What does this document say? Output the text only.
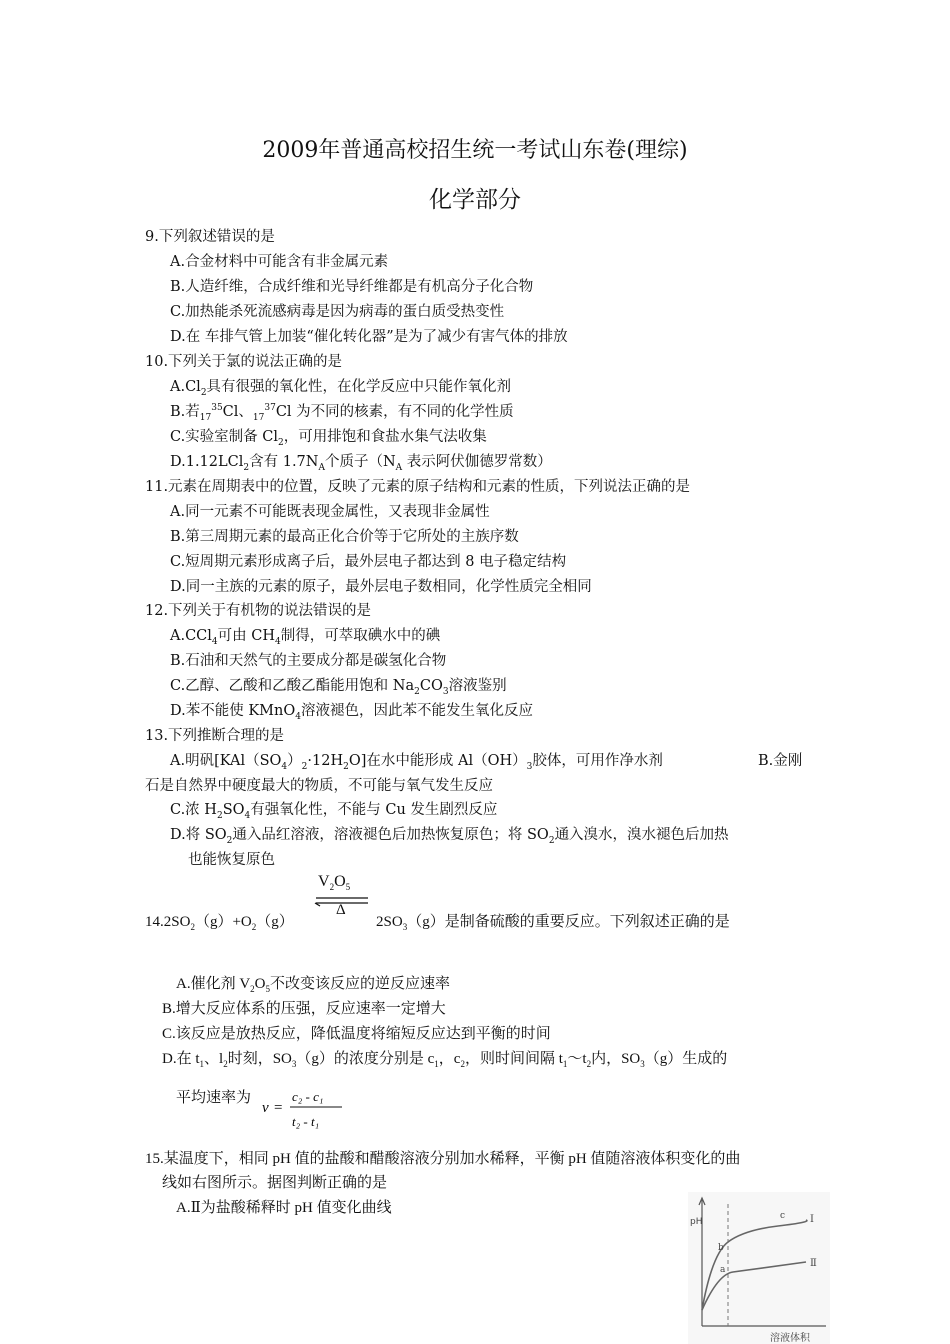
2009年普通高校招生统一考试山东卷(理综)
化学部分
9.下列叙述错误的是
A.合金材料中可能含有非金属元素
B.人造纤维，合成纤维和光导纤维都是有机高分子化合物
C.加热能杀死流感病毒是因为病毒的蛋白质受热变性
D.在 车排气管上加装“催化转化器”是为了减少有害气体的排放
10.下列关于氯的说法正确的是
$A.Cl_2$具有很强的氧化性，在化学反应中只能作氧化剂
B.若$_{17}^{35}$Cl、$_{17}^{37}$Cl 为不同的核素，有不同的化学性质
C.实验室制备 $Cl_2$，可用排饱和食盐水集气法收集
D.1.12LCl$_2$含有 $1.7N_A$个质子（$N_A$ 表示阿伏伽德罗常数）
11.元素在周期表中的位置，反映了元素的原子结构和元素的性质，下列说法正确的是
A.同一元素不可能既表现金属性，又表现非金属性
B.第三周期元素的最高正化合价等于它所处的主族序数
C.短周期元素形成离子后，最外层电子都达到 8 电子稳定结构
D.同一主族的元素的原子，最外层电子数相同，化学性质完全相同
12.下列关于有机物的说法错误的是
A.CCl$_4$可由 $CH_4$制得，可萃取碘水中的碘
B.石油和天然气的主要成分都是碳氢化合物
C.乙醇、乙酸和乙酸乙酯能用饱和 $Na_2CO_3$溶液鉴别
D.苯不能使 KMnO$_4$溶液褪色，因此苯不能发生氧化反应
13.下列推断合理的是
A.明矾$[KAl(SO_4)_2\cdot 12H_2O]$在水中能形成 $Al(OH)_3$胶体，可用作净水剂	B.金刚
石是自然界中硬度最大的物质，不可能与氧气发生反应
C.浓 $H_2SO_4$有强氧化性，不能与 Cu 发生剧烈反应
D.将 $SO_2$通入品红溶液，溶液褪色后加热恢复原色；将 $SO_2$通入溴水，溴水褪色后加热
也能恢复原色
$V_2O_5$
Δ
$14.2SO_2(g)+O_2(g)$	$2SO_3(g)$是制备硫酸的重要反应。下列叙述正确的是
A.催化剂 $V_2O_5$不改变该反应的逆反应速率
B.增大反应体系的压强，反应速率一定增大
C.该反应是放热反应，降低温度将缩短反应达到平衡的时间
D.在 $t_1$、$l_2$时刻，$SO_3(g)$的浓度分别是 $c_1$，$c_2$，则时间间隔 $t_1\sim t_2$内，$SO_3(g)$生成的
平均速率为
v =
c₂ - c₁
t₂ - t₁
15.某温度下，相同 pH 值的盐酸和醋酸溶液分别加水稀释，平衡 pH 值随溶液体积变化的曲
线如右图所示。据图判断正确的是
A.Ⅱ为盐酸稀释时 pH 值变化曲线
pH	Ⅰ
Ⅱ
b
a
c
溶液体积
